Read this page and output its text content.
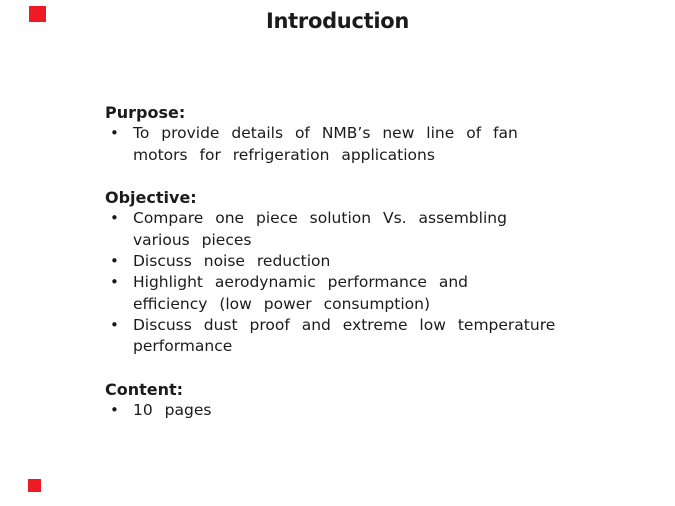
Introduction
Purpose:
• To provide details of NMB’s new line of fan
motors for refrigeration applications
Objective:
• Compare one piece solution Vs. assembling
various pieces
• Discuss noise reduction
• Highlight aerodynamic performance and
efficiency (low power consumption)
• Discuss dust proof and extreme low temperature
performance
Content:
• 10 pages
